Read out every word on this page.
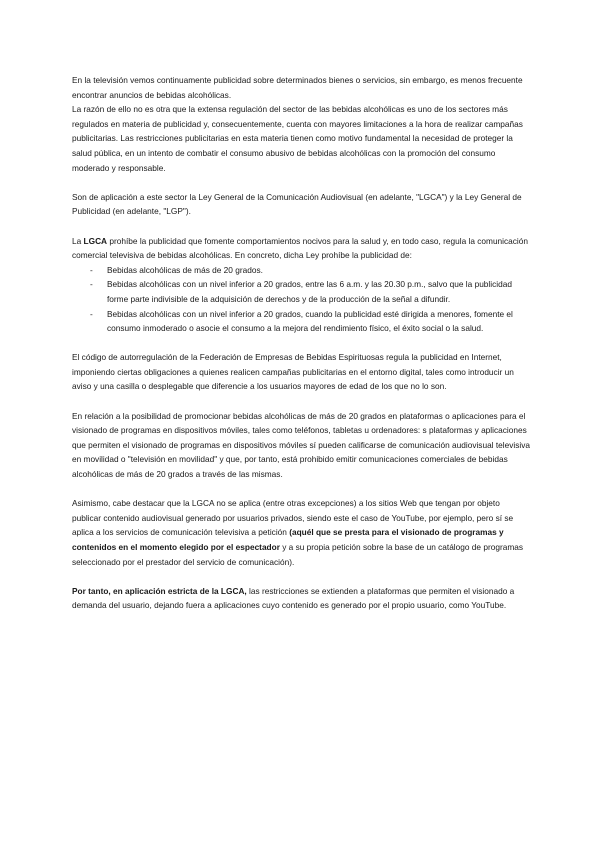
En la televisión vemos continuamente publicidad sobre determinados bienes o servicios, sin embargo, es menos frecuente encontrar anuncios de bebidas alcohólicas.

La razón de ello no es otra que la extensa regulación del sector de las bebidas alcohólicas es uno de los sectores más regulados en materia de publicidad y, consecuentemente, cuenta con mayores limitaciones a la hora de realizar campañas publicitarias. Las restricciones publicitarias en esta materia tienen como motivo fundamental la necesidad de proteger la salud pública, en un intento de combatir el consumo abusivo de bebidas alcohólicas con la promoción del consumo moderado y responsable.

Son de aplicación a este sector la Ley General de la Comunicación Audiovisual (en adelante, "LGCA") y la Ley General de Publicidad (en adelante, "LGP").

La LGCA prohíbe la publicidad que fomente comportamientos nocivos para la salud y, en todo caso, regula la comunicación comercial televisiva de bebidas alcohólicas. En concreto, dicha Ley prohíbe la publicidad de:

- Bebidas alcohólicas de más de 20 grados.
- Bebidas alcohólicas con un nivel inferior a 20 grados, entre las 6 a.m. y las 20.30 p.m., salvo que la publicidad forme parte indivisible de la adquisición de derechos y de la producción de la señal a difundir.
- Bebidas alcohólicas con un nivel inferior a 20 grados, cuando la publicidad esté dirigida a menores, fomente el consumo inmoderado o asocie el consumo a la mejora del rendimiento físico, el éxito social o la salud.

El código de autorregulación de la Federación de Empresas de Bebidas Espirituosas regula la publicidad en Internet, imponiendo ciertas obligaciones a quienes realicen campañas publicitarias en el entorno digital, tales como introducir un aviso y una casilla o desplegable que diferencie a los usuarios mayores de edad de los que no lo son.

En relación a la posibilidad de promocionar bebidas alcohólicas de más de 20 grados en plataformas o aplicaciones para el visionado de programas en dispositivos móviles, tales como teléfonos, tabletas u ordenadores: s plataformas y aplicaciones que permiten el visionado de programas en dispositivos móviles sí pueden calificarse de comunicación audiovisual televisiva en movilidad o "televisión en movilidad" y que, por tanto, está prohibido emitir comunicaciones comerciales de bebidas alcohólicas de más de 20 grados a través de las mismas.

Asimismo, cabe destacar que la LGCA no se aplica (entre otras excepciones) a los sitios Web que tengan por objeto publicar contenido audiovisual generado por usuarios privados, siendo este el caso de YouTube, por ejemplo, pero sí se aplica a los servicios de comunicación televisiva a petición (aquél que se presta para el visionado de programas y contenidos en el momento elegido por el espectador y a su propia petición sobre la base de un catálogo de programas seleccionado por el prestador del servicio de comunicación).

Por tanto, en aplicación estricta de la LGCA, las restricciones se extienden a plataformas que permiten el visionado a demanda del usuario, dejando fuera a aplicaciones cuyo contenido es generado por el propio usuario, como YouTube.
